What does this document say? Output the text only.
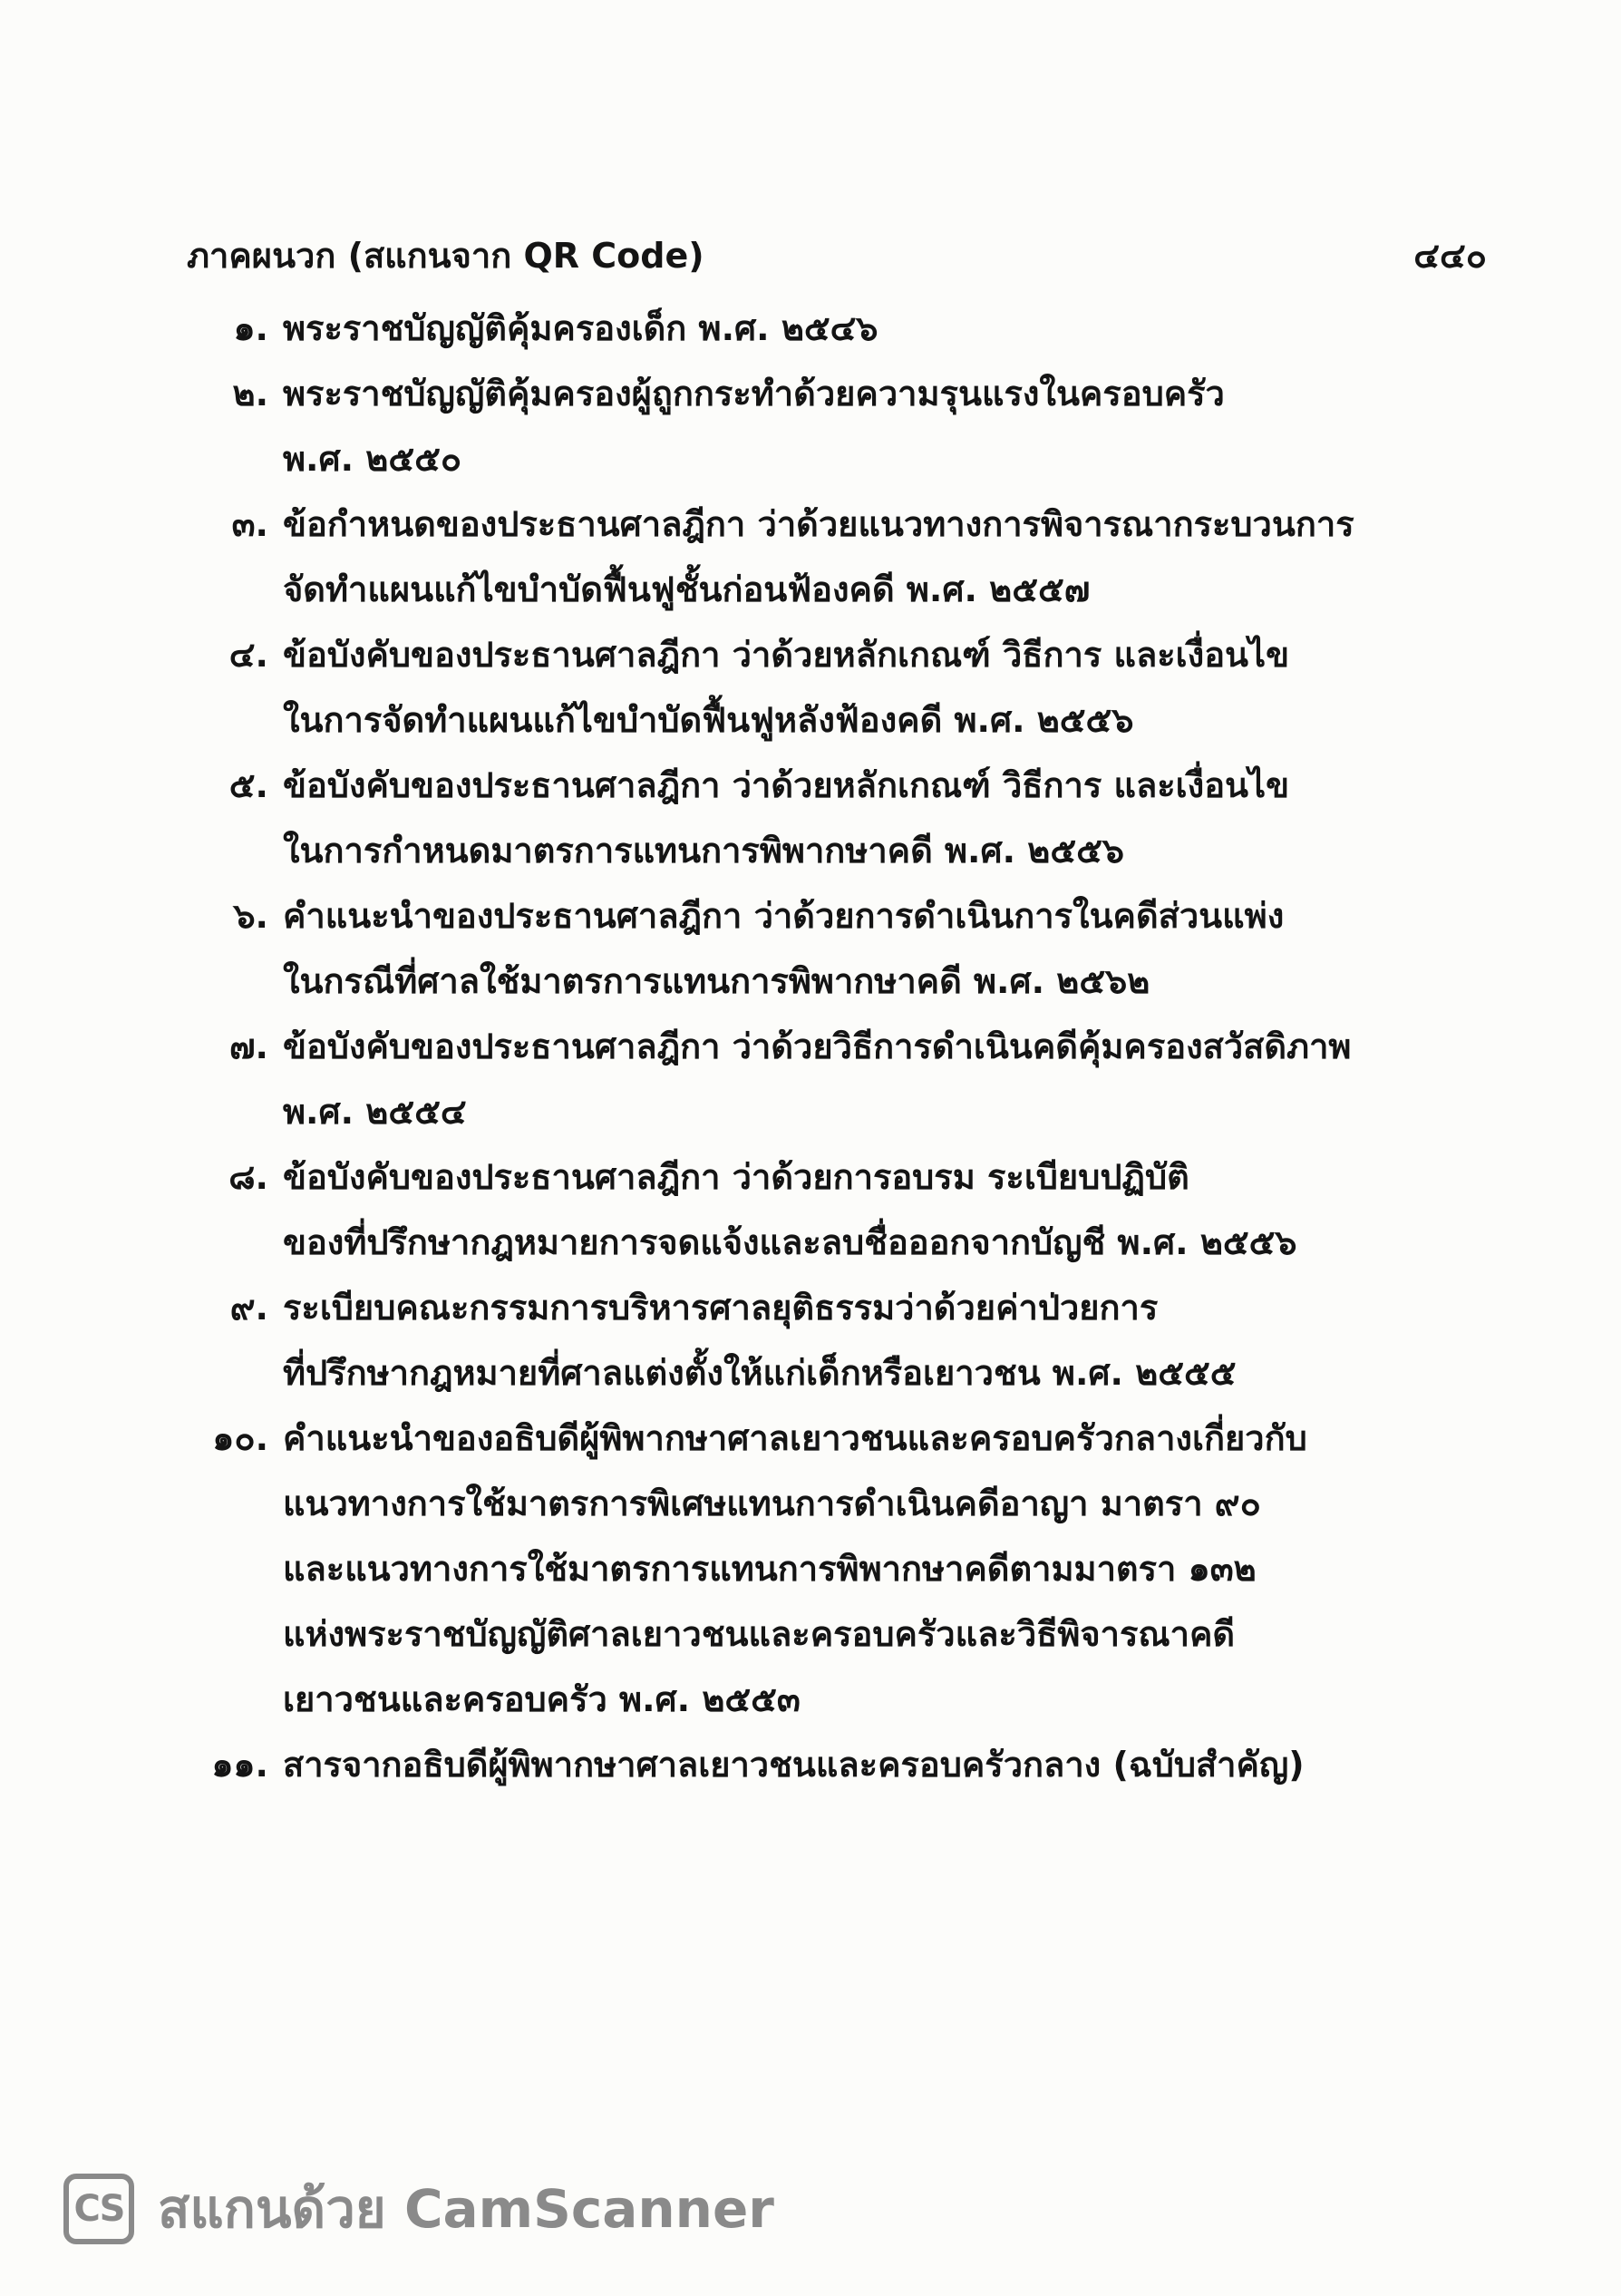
ภาคผนวก (สแกนจาก QR Code)	๔๔๐
๑. พระราชบัญญัติคุ้มครองเด็ก พ.ศ. ๒๕๔๖
๒. พระราชบัญญัติคุ้มครองผู้ถูกกระทำด้วยความรุนแรงในครอบครัว
พ.ศ. ๒๕๕๐
๓. ข้อกำหนดของประธานศาลฎีกา ว่าด้วยแนวทางการพิจารณากระบวนการ
จัดทำแผนแก้ไขบำบัดฟื้นฟูชั้นก่อนฟ้องคดี พ.ศ. ๒๕๕๗
๔. ข้อบังคับของประธานศาลฎีกา ว่าด้วยหลักเกณฑ์ วิธีการ และเงื่อนไข
ในการจัดทำแผนแก้ไขบำบัดฟื้นฟูหลังฟ้องคดี พ.ศ. ๒๕๕๖
๕. ข้อบังคับของประธานศาลฎีกา ว่าด้วยหลักเกณฑ์ วิธีการ และเงื่อนไข
ในการกำหนดมาตรการแทนการพิพากษาคดี พ.ศ. ๒๕๕๖
๖. คำแนะนำของประธานศาลฎีกา ว่าด้วยการดำเนินการในคดีส่วนแพ่ง
ในกรณีที่ศาลใช้มาตรการแทนการพิพากษาคดี พ.ศ. ๒๕๖๒
๗. ข้อบังคับของประธานศาลฎีกา ว่าด้วยวิธีการดำเนินคดีคุ้มครองสวัสดิภาพ
พ.ศ. ๒๕๕๔
๘. ข้อบังคับของประธานศาลฎีกา ว่าด้วยการอบรม ระเบียบปฏิบัติ
ของที่ปรึกษากฎหมายการจดแจ้งและลบชื่อออกจากบัญชี พ.ศ. ๒๕๕๖
๙. ระเบียบคณะกรรมการบริหารศาลยุติธรรมว่าด้วยค่าป่วยการ
ที่ปรึกษากฎหมายที่ศาลแต่งตั้งให้แก่เด็กหรือเยาวชน พ.ศ. ๒๕๕๕
๑๐. คำแนะนำของอธิบดีผู้พิพากษาศาลเยาวชนและครอบครัวกลางเกี่ยวกับ
แนวทางการใช้มาตรการพิเศษแทนการดำเนินคดีอาญา มาตรา ๙๐
และแนวทางการใช้มาตรการแทนการพิพากษาคดีตามมาตรา ๑๓๒
แห่งพระราชบัญญัติศาลเยาวชนและครอบครัวและวิธีพิจารณาคดี
เยาวชนและครอบครัว พ.ศ. ๒๕๕๓
๑๑. สารจากอธิบดีผู้พิพากษาศาลเยาวชนและครอบครัวกลาง (ฉบับสำคัญ)
CS สแกนด้วย CamScanner
